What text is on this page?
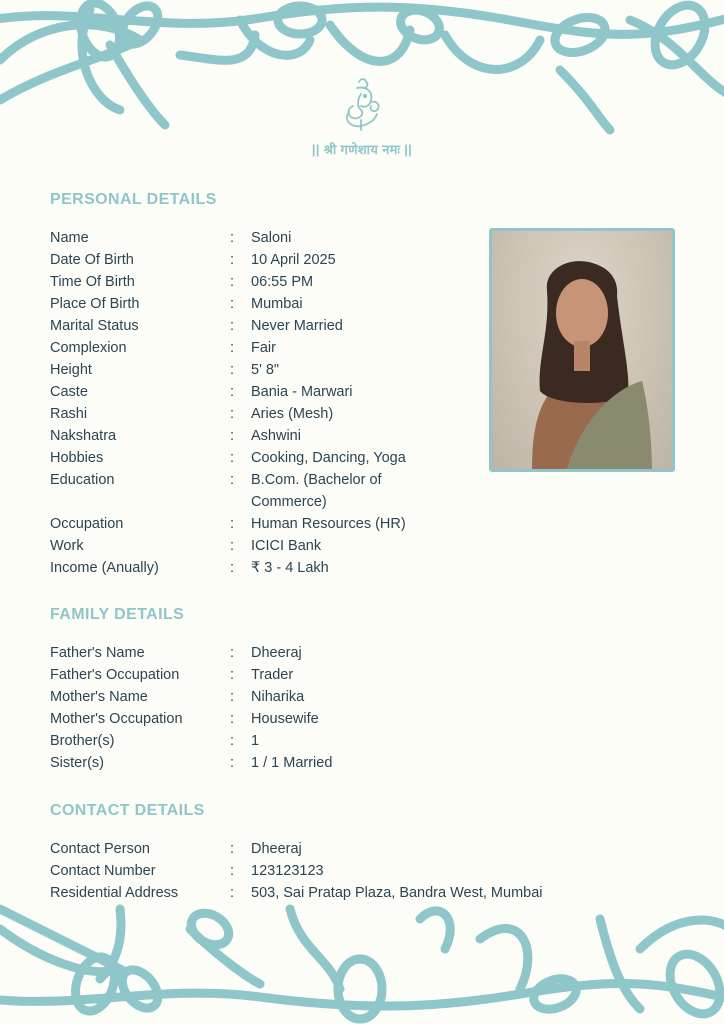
|| श्री गणेशाय नमः ||
PERSONAL DETAILS
Name	:	Saloni
Date Of Birth	:	10 April 2025
Time Of Birth	:	06:55 PM
Place Of Birth	:	Mumbai
Marital Status	:	Never Married
Complexion	:	Fair
Height	:	5' 8"
Caste	:	Bania - Marwari
Rashi	:	Aries (Mesh)
Nakshatra	:	Ashwini
Hobbies	:	Cooking, Dancing, Yoga
Education	:	B.Com. (Bachelor of Commerce)
Occupation	:	Human Resources (HR)
Work	:	ICICI Bank
Income (Anually)	:	₹ 3 - 4 Lakh
FAMILY DETAILS
Father's Name	:	Dheeraj
Father's Occupation	:	Trader
Mother's Name	:	Niharika
Mother's Occupation	:	Housewife
Brother(s)	:	1
Sister(s)	:	1 / 1 Married
CONTACT DETAILS
Contact Person	:	Dheeraj
Contact Number	:	123123123
Residential Address	:	503, Sai Pratap Plaza, Bandra West, Mumbai
